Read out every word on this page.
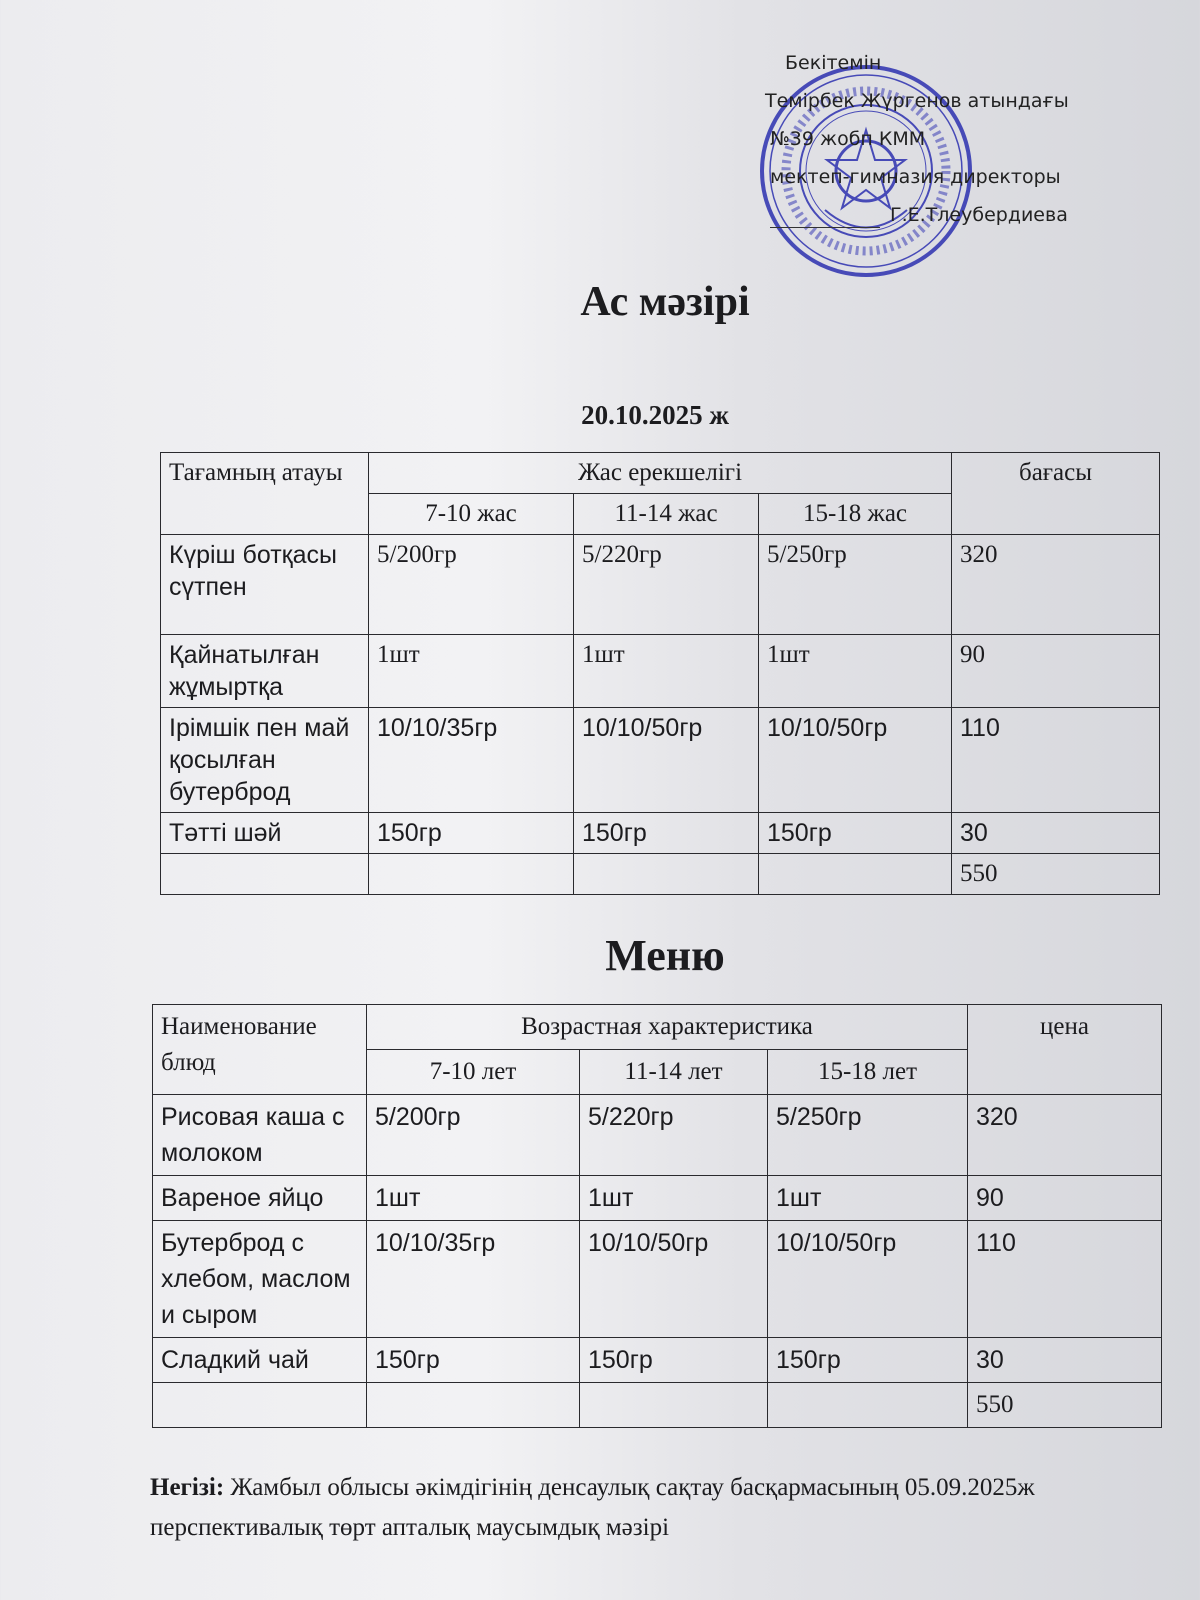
Бекітемін
Темірбек Жүргенов атындағы
№39 жобп КММ
мектеп-гимназия директоры
Г.Е.Тлеубердиева
Ас мәзірі
20.10.2025 ж
Тағамның атауы	Жас ерекшелігі			бағасы
	7-10 жас	11-14 жас	15-18 жас	
Күріш ботқасы сүтпен	5/200гр	5/220гр	5/250гр	320
Қайнатылған жұмыртқа	1шт	1шт	1шт	90
Ірімшік пен май қосылған бутерброд	10/10/35гр	10/10/50гр	10/10/50гр	110
Тәтті шәй	150гр	150гр	150гр	30
				550
Меню
Наименование блюд	Возрастная характеристика			цена
	7-10 лет	11-14 лет	15-18 лет	
Рисовая каша с молоком	5/200гр	5/220гр	5/250гр	320
Вареное яйцо	1шт	1шт	1шт	90
Бутерброд с хлебом, маслом и сыром	10/10/35гр	10/10/50гр	10/10/50гр	110
Сладкий чай	150гр	150гр	150гр	30
				550
Негізі: Жамбыл облысы әкімдігінің денсаулық сақтау басқармасының 05.09.2025ж перспективалық төрт апталық маусымдық мәзірі
